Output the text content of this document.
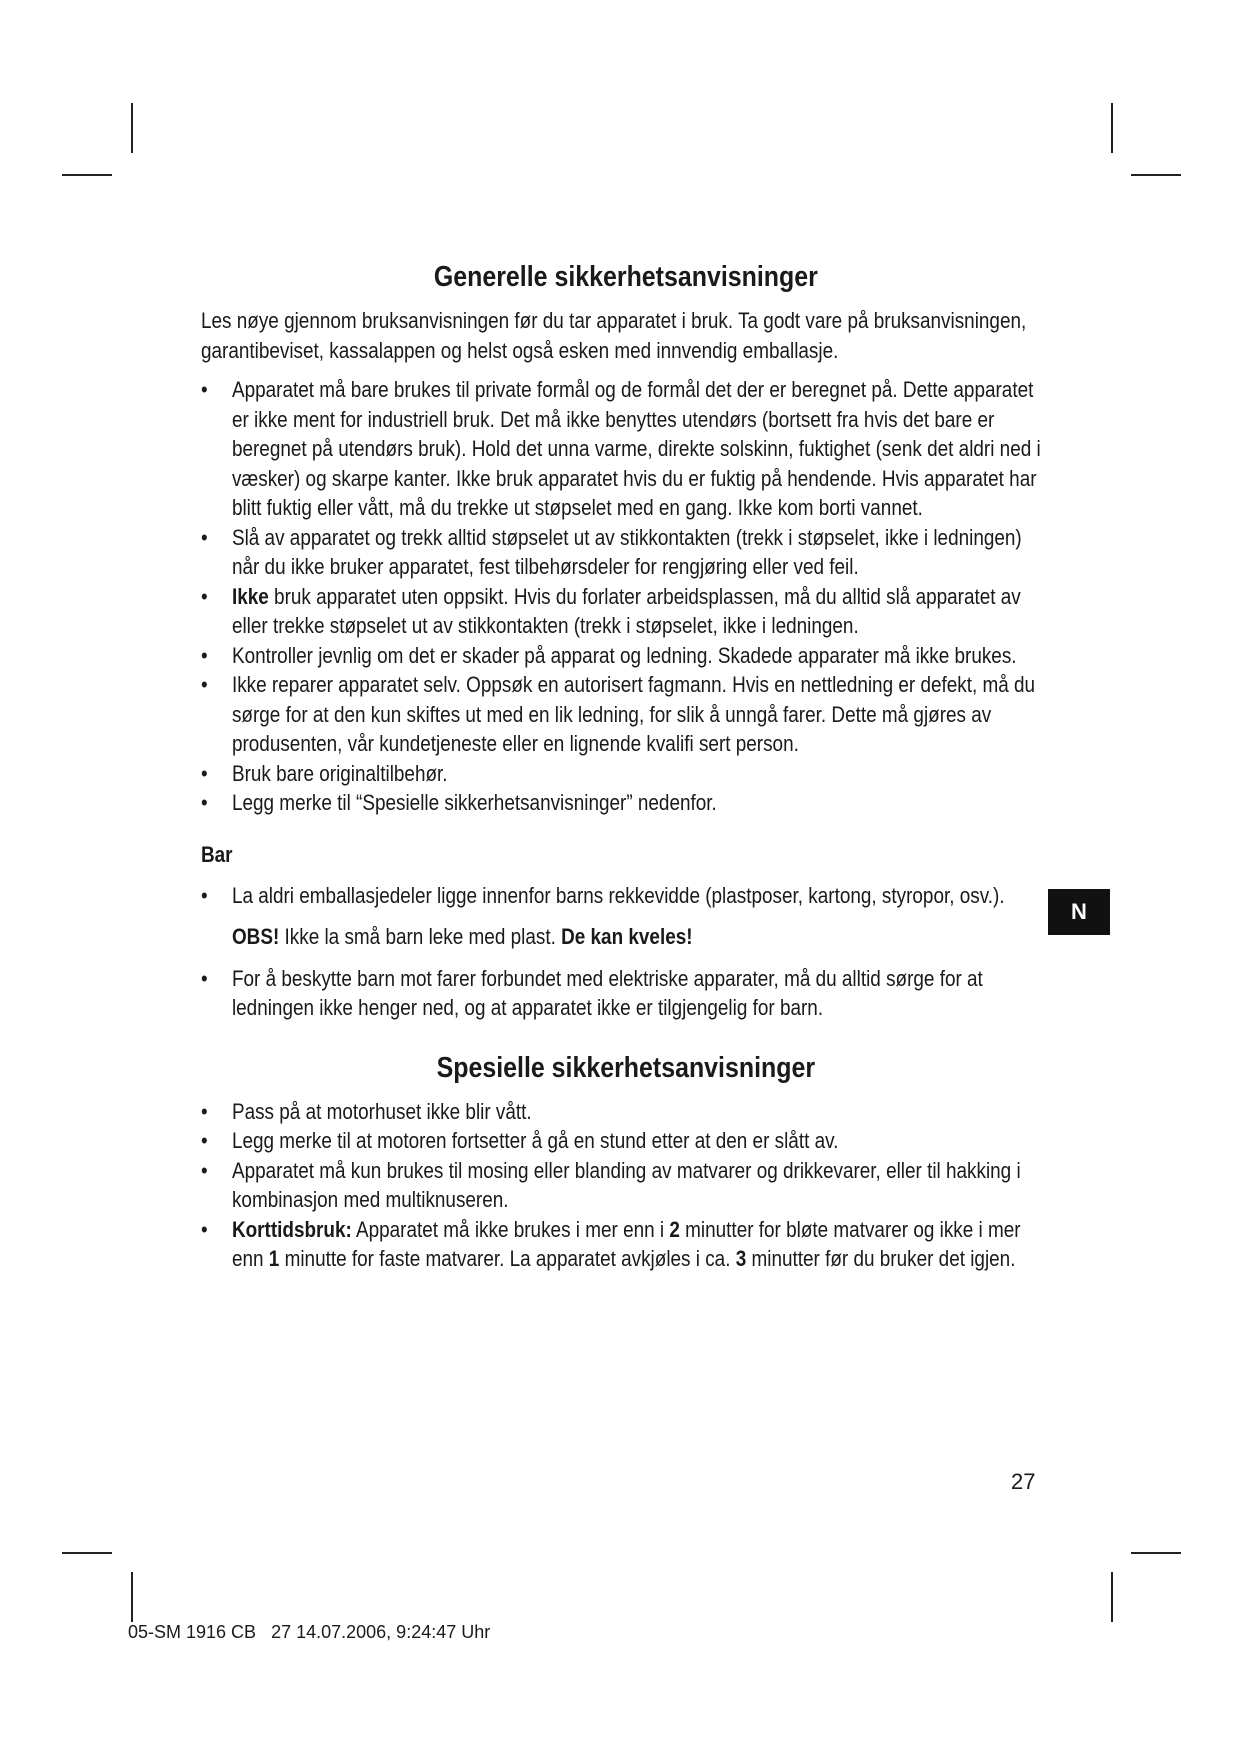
Generelle sikkerhetsanvisninger

Les nøye gjennom bruksanvisningen før du tar apparatet i bruk. Ta godt vare på bruksanvisningen, garantibeviset, kassalappen og helst også esken med innvendig emballasje.

• Apparatet må bare brukes til private formål og de formål det der er beregnet på. Dette apparatet er ikke ment for industriell bruk. Det må ikke benyttes utendørs (bortsett fra hvis det bare er beregnet på utendørs bruk). Hold det unna varme, direkte solskinn, fuktighet (senk det aldri ned i væsker) og skarpe kanter. Ikke bruk apparatet hvis du er fuktig på hendende. Hvis apparatet har blitt fuktig eller vått, må du trekke ut støpselet med en gang. Ikke kom borti vannet.
• Slå av apparatet og trekk alltid støpselet ut av stikkontakten (trekk i støpselet, ikke i ledningen) når du ikke bruker apparatet, fest tilbehørsdeler for rengjøring eller ved feil.
• Ikke bruk apparatet uten oppsikt. Hvis du forlater arbeidsplassen, må du alltid slå apparatet av eller trekke støpselet ut av stikkontakten (trekk i støpselet, ikke i ledningen.
• Kontroller jevnlig om det er skader på apparat og ledning. Skadede apparater må ikke brukes.
• Ikke reparer apparatet selv. Oppsøk en autorisert fagmann. Hvis en nettledning er defekt, må du sørge for at den kun skiftes ut med en lik ledning, for slik å unngå farer. Dette må gjøres av produsenten, vår kundetjeneste eller en lignende kvalifi sert person.
• Bruk bare originaltilbehør.
• Legg merke til “Spesielle sikkerhetsanvisninger” nedenfor.
Bar
• La aldri emballasjedeler ligge innenfor barns rekkevidde (plastposer, kartong, styropor, osv.).

OBS! Ikke la små barn leke med plast. De kan kveles!

• For å beskytte barn mot farer forbundet med elektriske apparater, må du alltid sørge for at ledningen ikke henger ned, og at apparatet ikke er tilgjengelig for barn.
Spesielle sikkerhetsanvisninger
• Pass på at motorhuset ikke blir vått.
• Legg merke til at motoren fortsetter å gå en stund etter at den er slått av.
• Apparatet må kun brukes til mosing eller blanding av matvarer og drikkevarer, eller til hakking i kombinasjon med multiknuseren.
• Korttidsbruk: Apparatet må ikke brukes i mer enn i 2 minutter for bløte matvarer og ikke i mer enn 1 minutte for faste matvarer. La apparatet avkjøles i ca. 3 minutter før du bruker det igjen.
N
27
05-SM 1916 CB   27 14.07.2006, 9:24:47 Uhr
